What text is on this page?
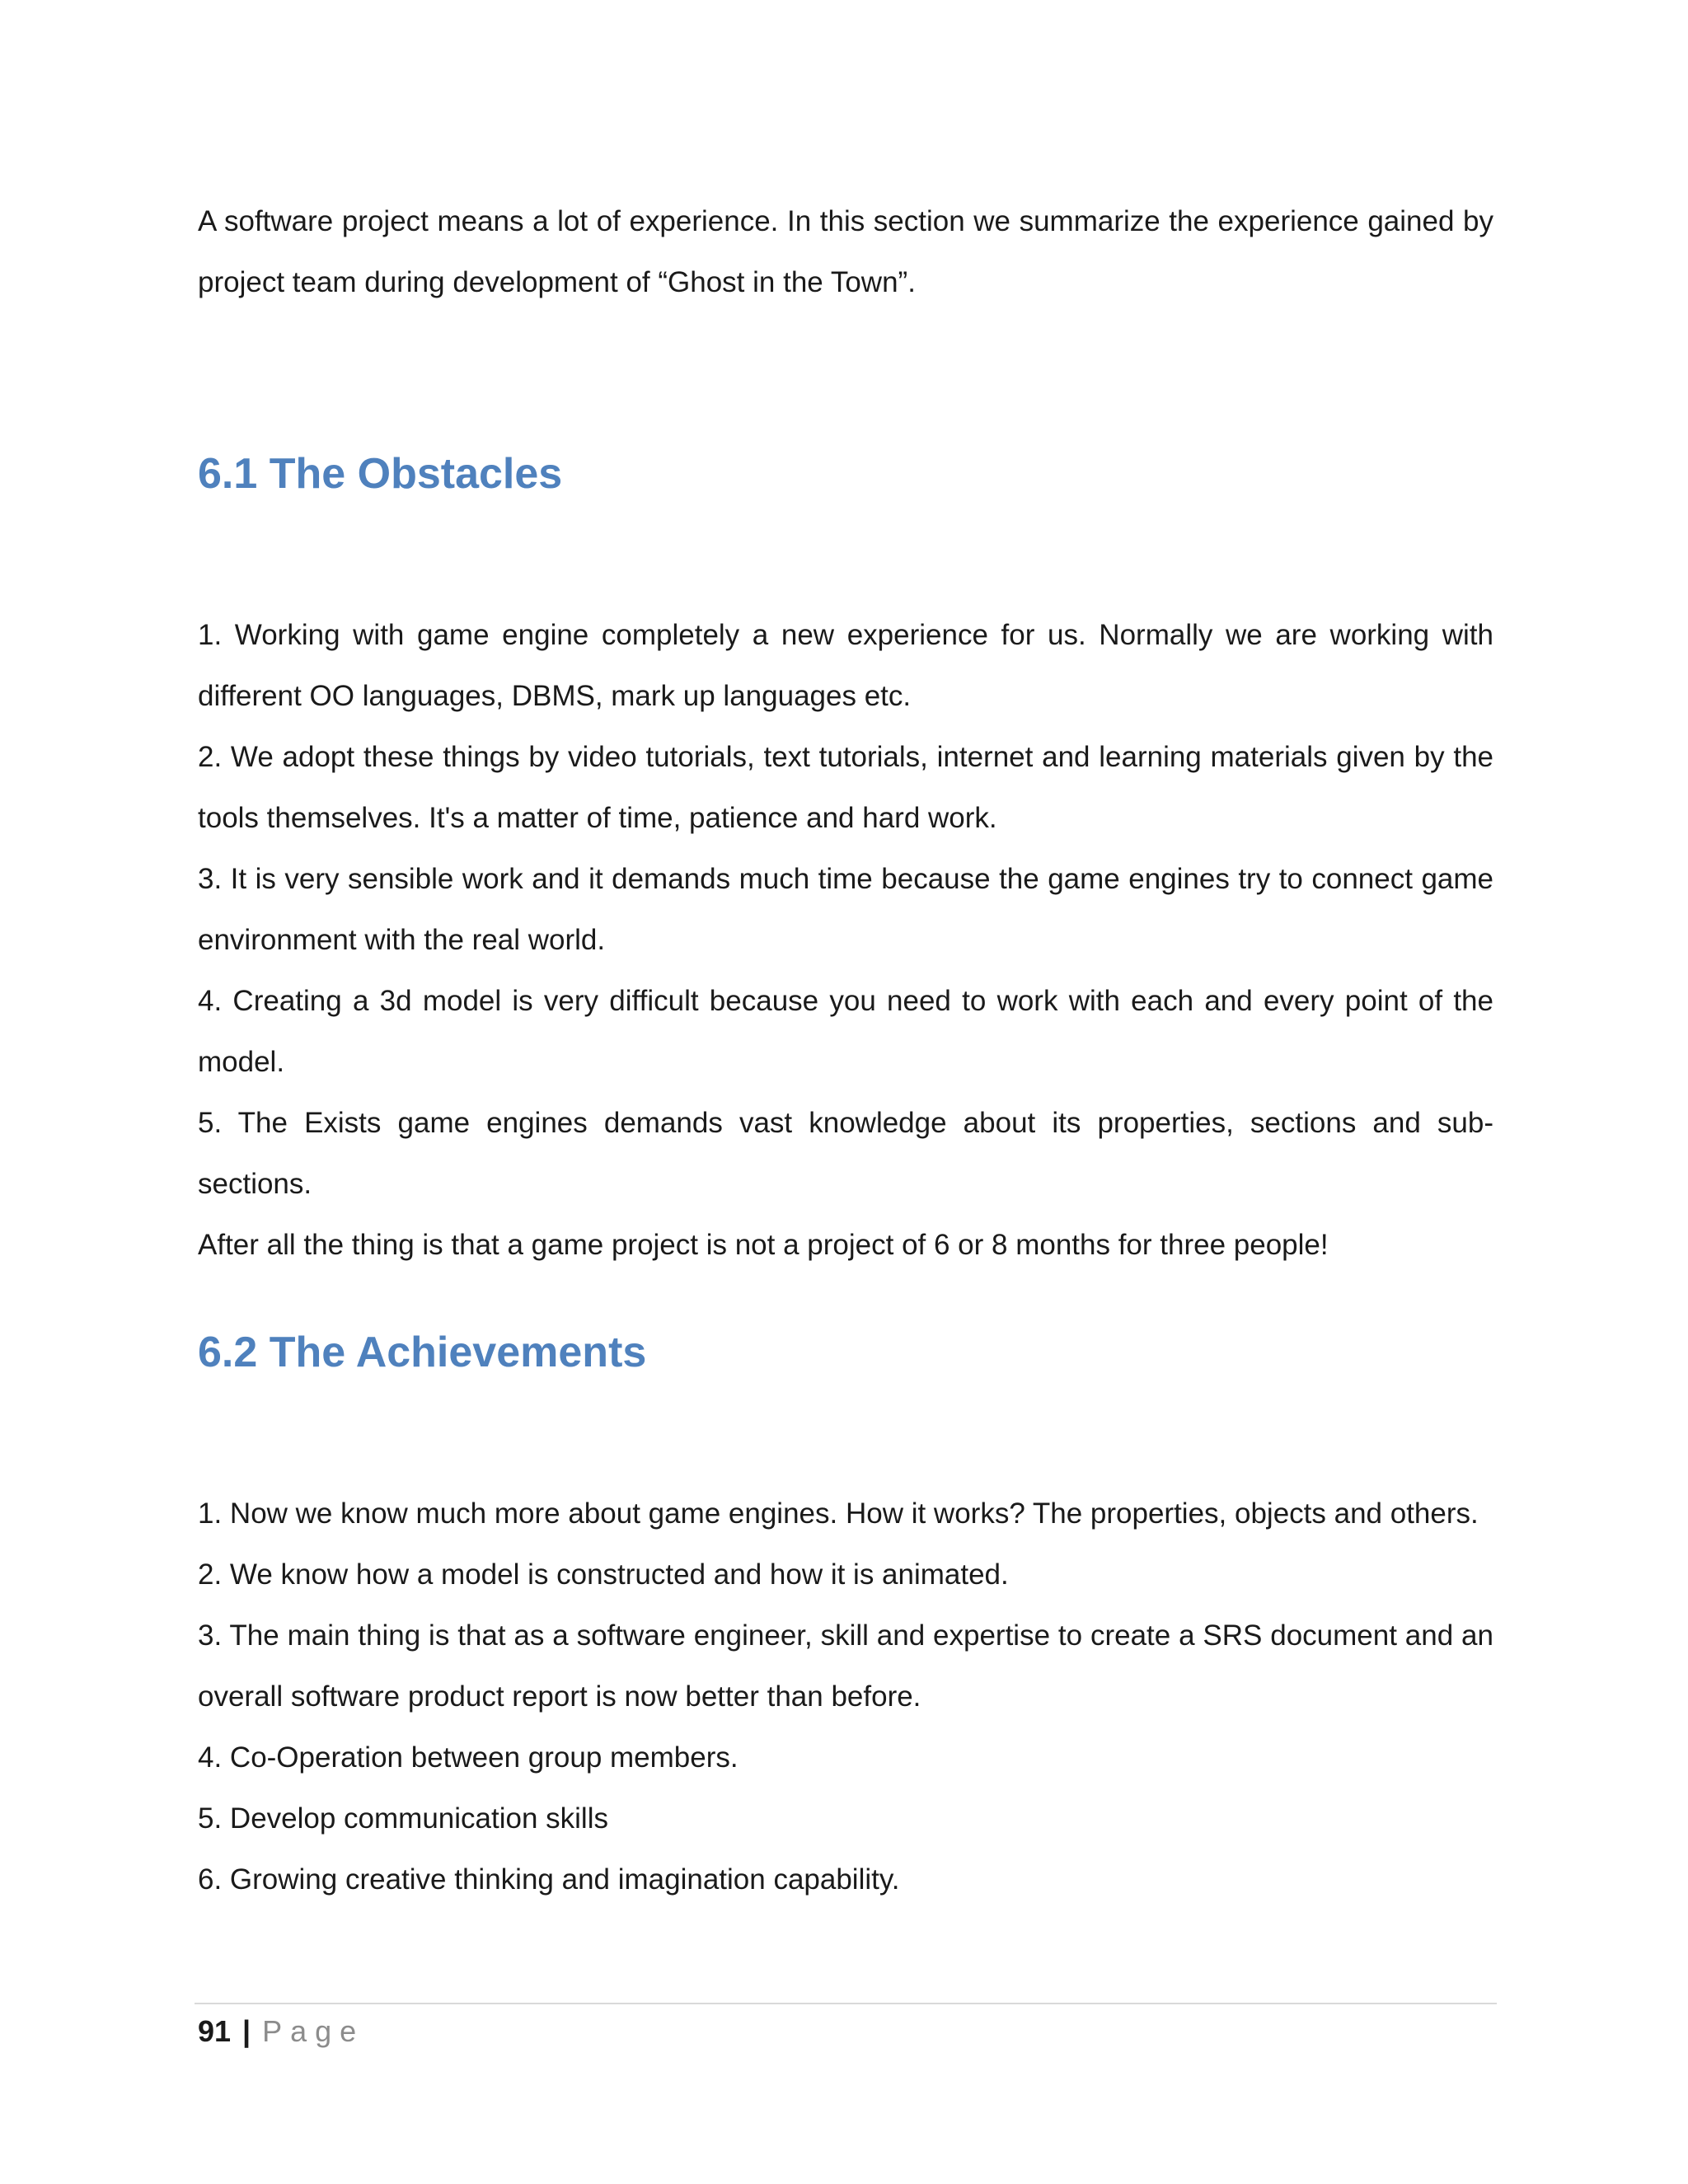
A software project means a lot of experience. In this section we summarize the experience gained by project team during development of “Ghost in the Town”.

6.1 The Obstacles

1. Working with game engine completely a new experience for us. Normally we are working with different OO languages, DBMS, mark up languages etc.

2. We adopt these things by video tutorials, text tutorials, internet and learning materials given by the tools themselves. It's a matter of time, patience and hard work.

3. It is very sensible work and it demands much time because the game engines try to connect game environment with the real world.

4. Creating a 3d model is very difficult because you need to work with each and every point of the model.

5. The Exists game engines demands vast knowledge about its properties, sections and sub-sections.

After all the thing is that a game project is not a project of 6 or 8 months for three people!

6.2 The Achievements

1. Now we know much more about game engines. How it works? The properties, objects and others.

2. We know how a model is constructed and how it is animated.

3. The main thing is that as a software engineer, skill and expertise to create a SRS document and an overall software product report is now better than before.

4. Co-Operation between group members.

5. Develop communication skills

6. Growing creative thinking and imagination capability.

91 | Page
